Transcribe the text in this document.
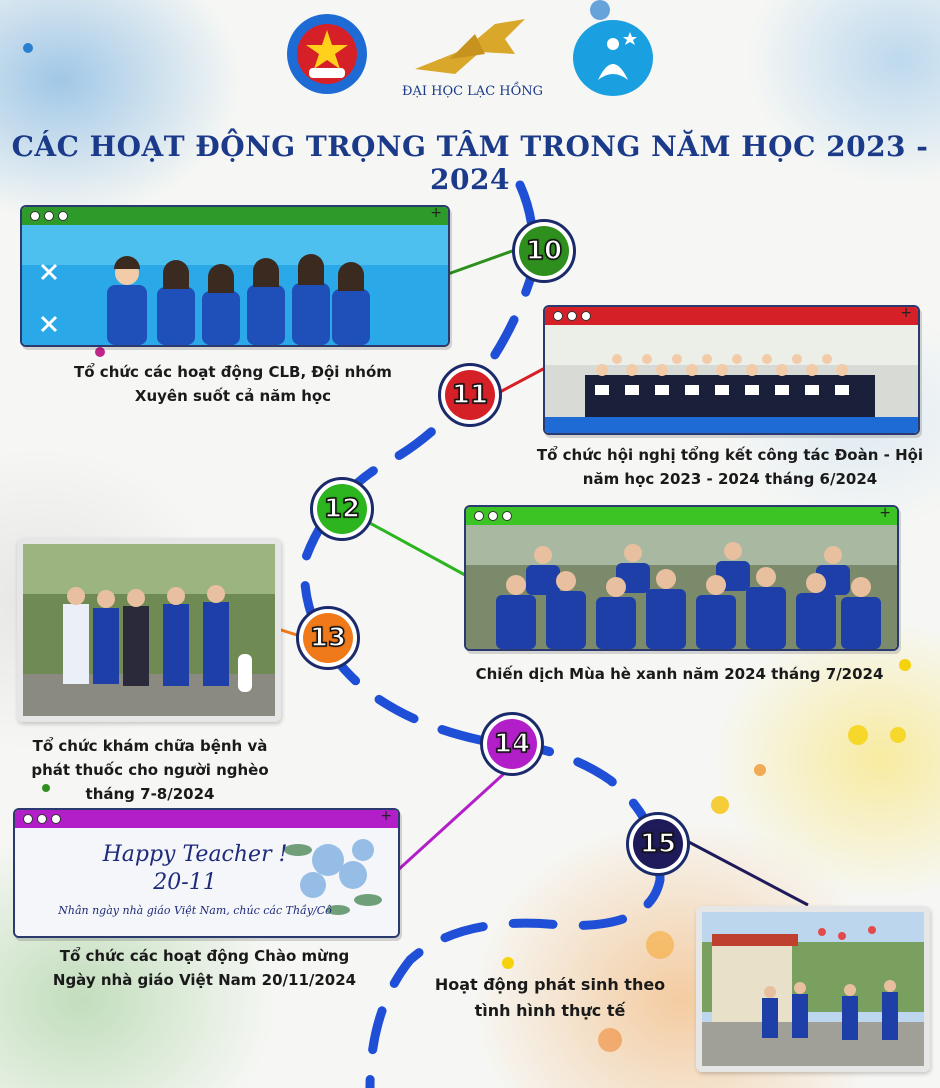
ĐẠI HỌC LẠC HỒNG
CÁC HOẠT ĐỘNG TRỌNG TÂM TRONG NĂM HỌC 2023 - 2024
+
Tổ chức các hoạt động CLB, Đội nhóm
Xuyên suốt cả năm học
+
Tổ chức hội nghị tổng kết công tác Đoàn - Hội
năm học 2023 - 2024 tháng 6/2024
+
Chiến dịch Mùa hè xanh năm 2024 tháng 7/2024
Tổ chức khám chữa bệnh và
phát thuốc cho người nghèo
tháng 7-8/2024
+
Happy Teacher !
20-11
Nhân ngày nhà giáo Việt Nam, chúc các Thầy/Cô
Tổ chức các hoạt động Chào mừng
Ngày nhà giáo Việt Nam 20/11/2024	Hoạt động phát sinh theo
tình hình thực tế
10
11
12
13
14
15
